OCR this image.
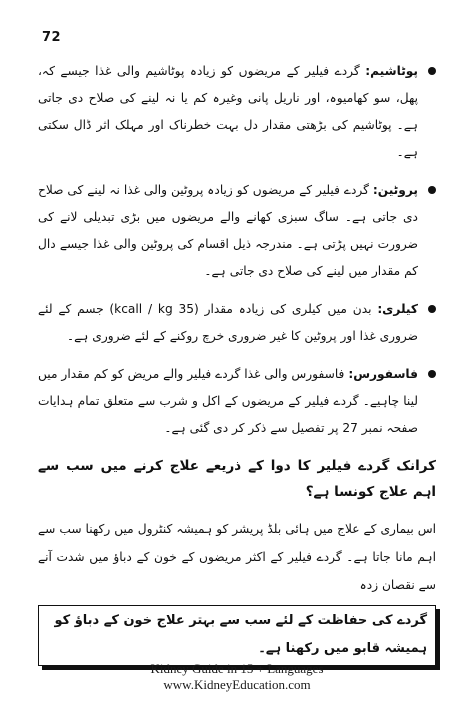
72
پوٹاشیم: گردے فیلیر کے مریضوں کو زیادہ پوٹاشیم والی غذا جیسے کہ، پھل، سو کھامیوہ، اور ناریل پانی وغیرہ کم یا نہ لینے کی صلاح دی جاتی ہے۔ پوٹاشیم کی بڑھتی مقدار دل بہت خطرناک اور مہلک اثر ڈال سکتی ہے۔
پروٹین: گردے فیلیر کے مریضوں کو زیادہ پروٹین والی غذا نہ لینے کی صلاح دی جاتی ہے۔ ساگ سبزی کھانے والے مریضوں میں بڑی تبدیلی لانے کی ضرورت نہیں پڑتی ہے۔ مندرجہ ذیل اقسام کی پروٹین والی غذا جیسے دال کم مقدار میں لینے کی صلاح دی جاتی ہے۔
کیلری: بدن میں کیلری کی زیادہ مقدار (35 kcall / kg) جسم کے لئے ضروری غذا اور پروٹین کا غیر ضروری خرچ روکنے کے لئے ضروری ہے۔
فاسفورس: فاسفورس والی غذا گردے فیلیر والے مریض کو کم مقدار میں لینا چاہیے۔ گردے فیلیر کے مریضوں کے اکل و شرب سے متعلق تمام ہدایات صفحہ نمبر 27 پر تفصیل سے ذکر کر دی گئی ہے۔
کرانک گردے فیلیر کا دوا کے ذریعے علاج کرنے میں سب سے اہم علاج کونسا ہے؟
اس بیماری کے علاج میں ہائی بلڈ پریشر کو ہمیشہ کنٹرول میں رکھنا سب سے اہم مانا جاتا ہے۔ گردے فیلیر کے اکثر مریضوں کے خون کے دباؤ میں شدت آنے سے نقصان زدہ
گردے کی حفاظت کے لئے سب سے بہتر علاج خون کے دباؤ کو ہمیشہ قابو میں رکھنا ہے۔
Kidney Guide in 15 + Languages
www.KidneyEducation.com
